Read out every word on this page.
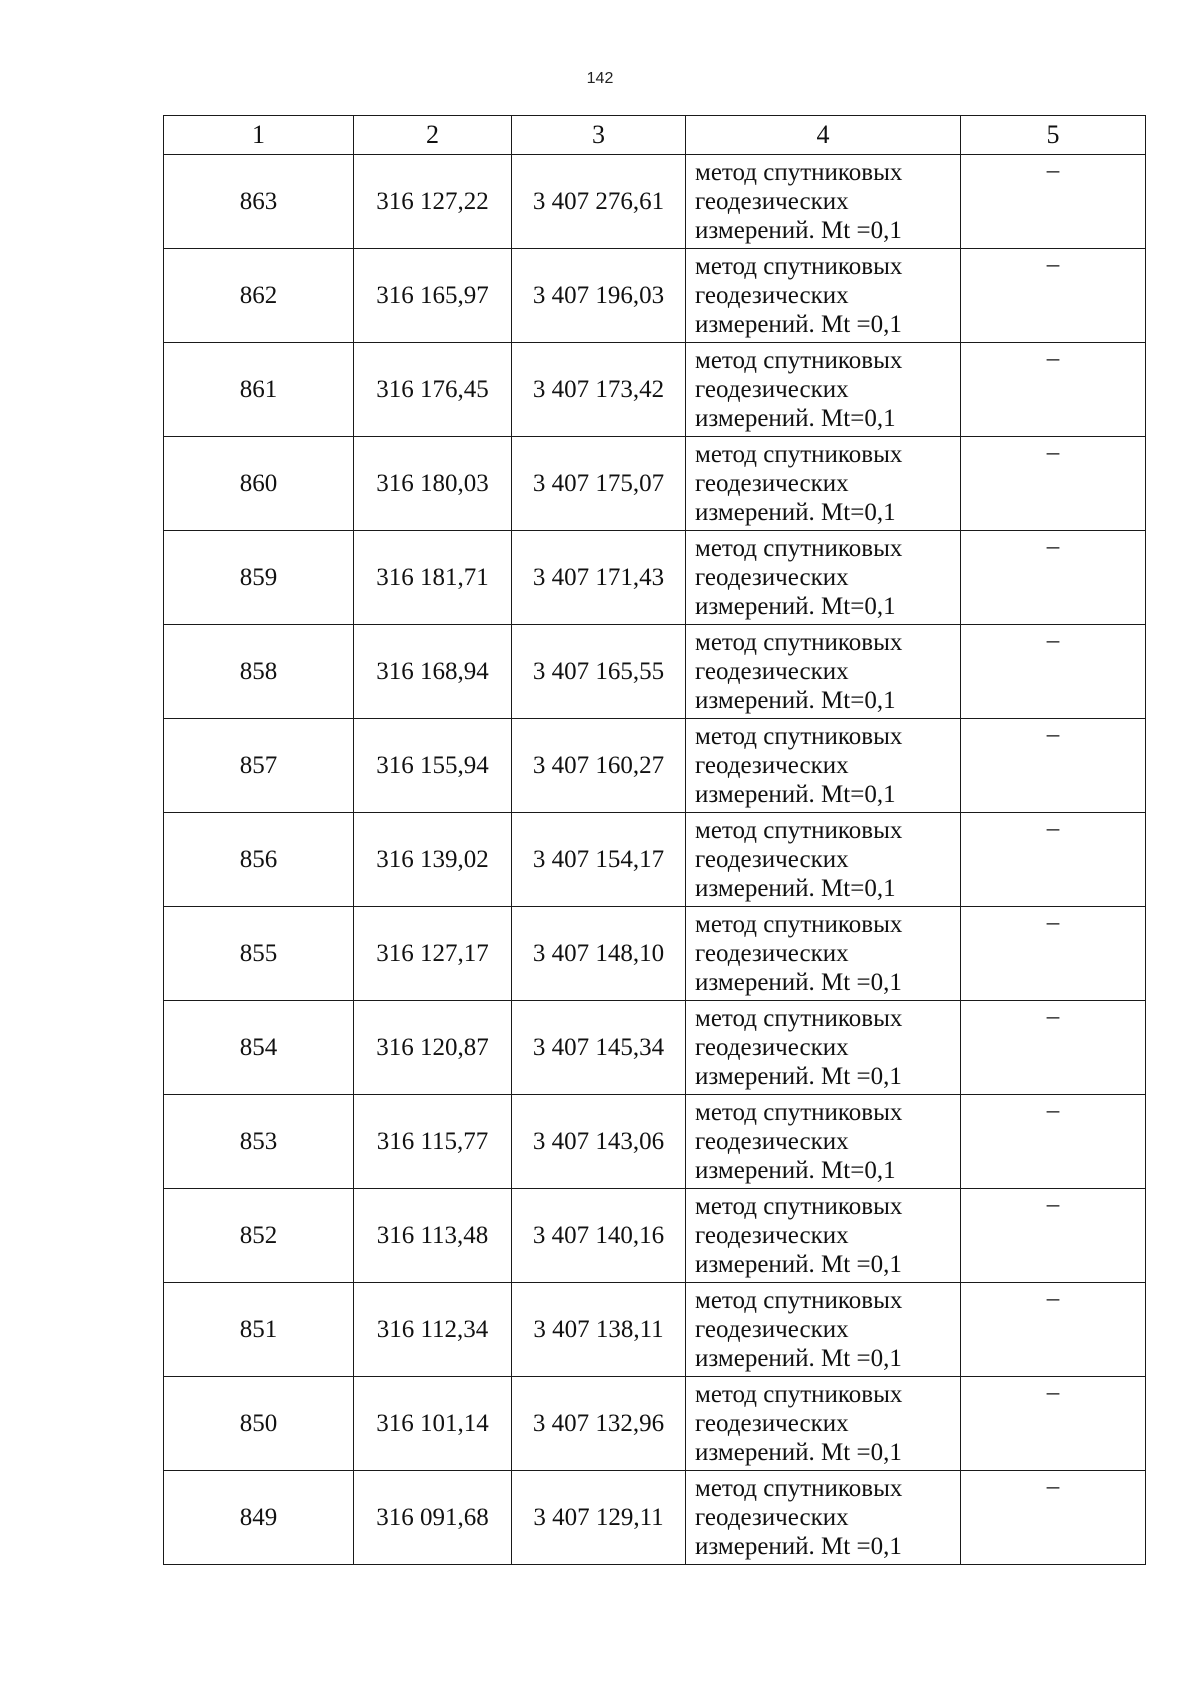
142
1	2	3	4	5
863	316 127,22	3 407 276,61	метод спутниковых
геодезических
измерений. Mt =0,1	–
862	316 165,97	3 407 196,03	метод спутниковых
геодезических
измерений. Mt =0,1	–
861	316 176,45	3 407 173,42	метод спутниковых
геодезических
измерений. Mt=0,1	–
860	316 180,03	3 407 175,07	метод спутниковых
геодезических
измерений. Mt=0,1	–
859	316 181,71	3 407 171,43	метод спутниковых
геодезических
измерений. Mt=0,1	–
858	316 168,94	3 407 165,55	метод спутниковых
геодезических
измерений. Mt=0,1	–
857	316 155,94	3 407 160,27	метод спутниковых
геодезических
измерений. Mt=0,1	–
856	316 139,02	3 407 154,17	метод спутниковых
геодезических
измерений. Mt=0,1	–
855	316 127,17	3 407 148,10	метод спутниковых
геодезических
измерений. Mt =0,1	–
854	316 120,87	3 407 145,34	метод спутниковых
геодезических
измерений. Mt =0,1	–
853	316 115,77	3 407 143,06	метод спутниковых
геодезических
измерений. Mt=0,1	–
852	316 113,48	3 407 140,16	метод спутниковых
геодезических
измерений. Mt =0,1	–
851	316 112,34	3 407 138,11	метод спутниковых
геодезических
измерений. Mt =0,1	–
850	316 101,14	3 407 132,96	метод спутниковых
геодезических
измерений. Mt =0,1	–
849	316 091,68	3 407 129,11	метод спутниковых
геодезических
измерений. Mt =0,1	–
